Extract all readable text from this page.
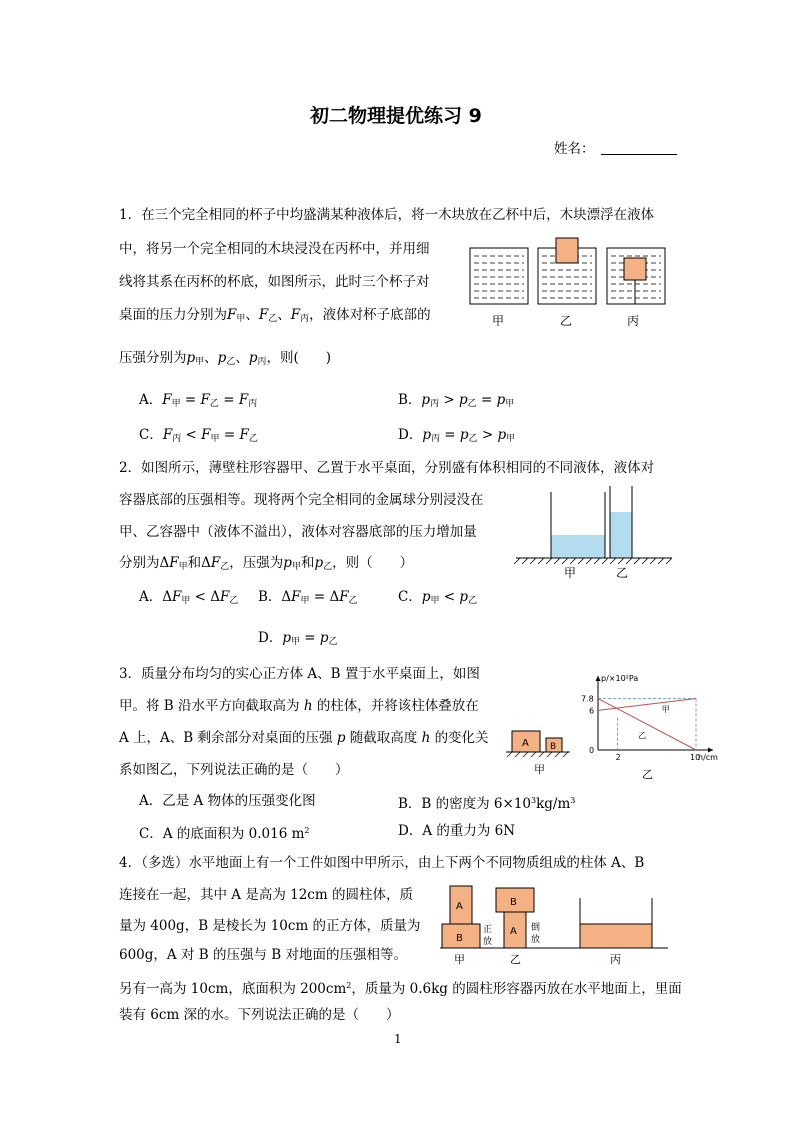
初二物理提优练习 9
姓名：
1．在三个完全相同的杯子中均盛满某种液体后，将一木块放在乙杯中后，木块漂浮在液体
中，将另一个完全相同的木块浸没在丙杯中，并用细
线将其系在丙杯的杯底，如图所示，此时三个杯子对
桌面的压力分别为$F_甲$、$F_乙$、$F_丙$，液体对杯子底部的
压强分别为$p_甲$、$p_乙$、$p_丙$，则(　　)
A．$F_甲 = F_乙 = F_丙$	B．$p_丙 > p_乙 = p_甲$
C．$F_丙 < F_甲 = F_乙$	D．$p_丙 = p_乙 > p_甲$
甲	乙	丙
2．如图所示，薄壁柱形容器甲、乙置于水平桌面，分别盛有体积相同的不同液体，液体对
容器底部的压强相等。现将两个完全相同的金属球分别浸没在
甲、乙容器中（液体不溢出），液体对容器底部的压力增加量
分别为$\Delta F_甲$和$\Delta F_乙$，压强为$p_甲$和$p_乙$，则（　　）
A．$\Delta F_甲 < \Delta F_乙$ B．$\Delta F_甲 = \Delta F_乙$	C．$p_甲 < p_乙$
D．$p_甲 = p_乙$
甲	乙
3．质量分布均匀的实心正方体 A、B 置于水平桌面上，如图
甲。将 B 沿水平方向截取高为 h 的柱体，并将该柱体叠放在
A 上，A、B 剩余部分对桌面的压强 p 随截取高度 h 的变化关
系如图乙，下列说法正确的是（　　）
A．乙是 A 物体的压强变化图	B．B 的密度为 $6\times 10^3kg/m^3$
C．A 的底面积为 0.016 $m^2$	D．A 的重力为 6N
A B
甲
p/×10²Pa
h/cm
7.8
6
0
2	10
甲
乙
乙
4．（多选）水平地面上有一个工件如图中甲所示，由上下两个不同物质组成的柱体 A、B
连接在一起，其中 A 是高为 12cm 的圆柱体，质
量为 400g，B 是棱长为 10cm 的正方体，质量为
600g，A 对 B 的压强与 B 对地面的压强相等。
另有一高为 10cm，底面积为 $200cm^2$，质量为 0.6kg 的圆柱形容器丙放在水平地面上，里面
装有 6cm 深的水。下列说法正确的是（　　）
A
B
正
放
B
A 倒
放
甲	乙	丙
1
